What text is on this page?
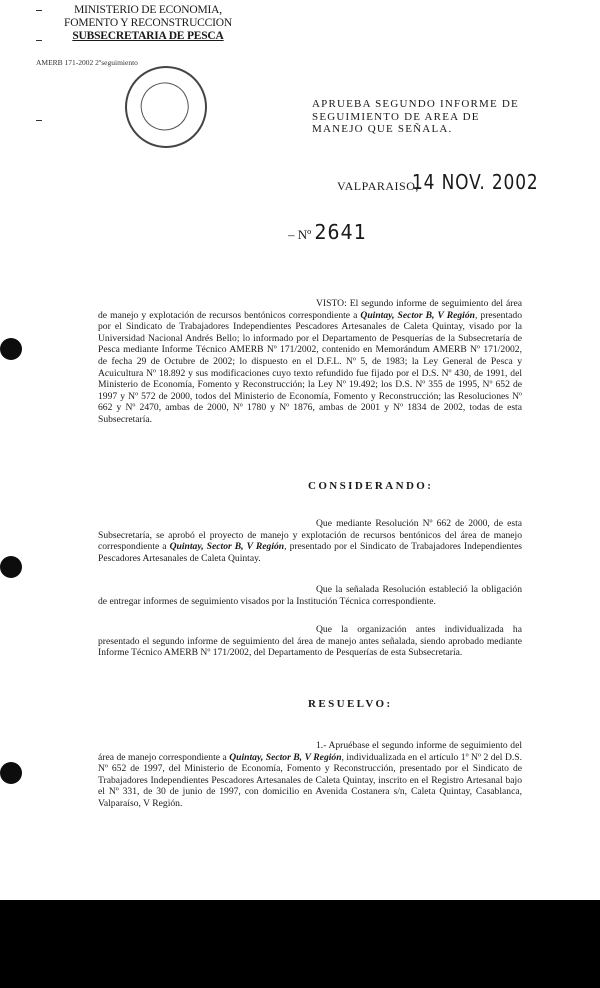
MINISTERIO DE ECONOMIA,
FOMENTO Y RECONSTRUCCION
SUBSECRETARIA DE PESCA
AMERB 171-2002 2ºseguimiento
APRUEBA SEGUNDO INFORME DE SEGUIMIENTO DE AREA DE MANEJO QUE SEÑALA.
VALPARAISO,
14 NOV. 2002
– Nº 2641
VISTO: El segundo informe de seguimiento del área de manejo y explotación de recursos bentónicos correspondiente a Quintay, Sector B, V Región, presentado por el Sindicato de Trabajadores Independientes Pescadores Artesanales de Caleta Quintay, visado por la Universidad Nacional Andrés Bello; lo informado por el Departamento de Pesquerías de la Subsecretaría de Pesca mediante Informe Técnico AMERB Nº 171/2002, contenido en Memorándum AMERB Nº 171/2002, de fecha 29 de Octubre de 2002; lo dispuesto en el D.F.L. Nº 5, de 1983; la Ley General de Pesca y Acuicultura Nº 18.892 y sus modificaciones cuyo texto refundido fue fijado por el D.S. Nº 430, de 1991, del Ministerio de Economía, Fomento y Reconstrucción; la Ley Nº 19.492; los D.S. Nº 355 de 1995, Nº 652 de 1997 y Nº 572 de 2000, todos del Ministerio de Economía, Fomento y Reconstrucción; las Resoluciones Nº 662 y Nº 2470, ambas de 2000, Nº 1780 y Nº 1876, ambas de 2001 y Nº 1834 de 2002, todas de esta Subsecretaría.
CONSIDERANDO:
Que mediante Resolución Nº 662 de 2000, de esta Subsecretaría, se aprobó el proyecto de manejo y explotación de recursos bentónicos del área de manejo correspondiente a Quintay, Sector B, V Región, presentado por el Sindicato de Trabajadores Independientes Pescadores Artesanales de Caleta Quintay.
Que la señalada Resolución estableció la obligación de entregar informes de seguimiento visados por la Institución Técnica correspondiente.
Que la organización antes individualizada ha presentado el segundo informe de seguimiento del área de manejo antes señalada, siendo aprobado mediante Informe Técnico AMERB Nº 171/2002, del Departamento de Pesquerías de esta Subsecretaría.
RESUELVO:
1.- Apruébase el segundo informe de seguimiento del área de manejo correspondiente a Quintay, Sector B, V Región, individualizada en el artículo 1º Nº 2 del D.S. Nº 652 de 1997, del Ministerio de Economía, Fomento y Reconstrucción, presentado por el Sindicato de Trabajadores Independientes Pescadores Artesanales de Caleta Quintay, inscrito en el Registro Artesanal bajo el Nº 331, de 30 de junio de 1997, con domicilio en Avenida Costanera s/n, Caleta Quintay, Casablanca, Valparaíso, V Región.
